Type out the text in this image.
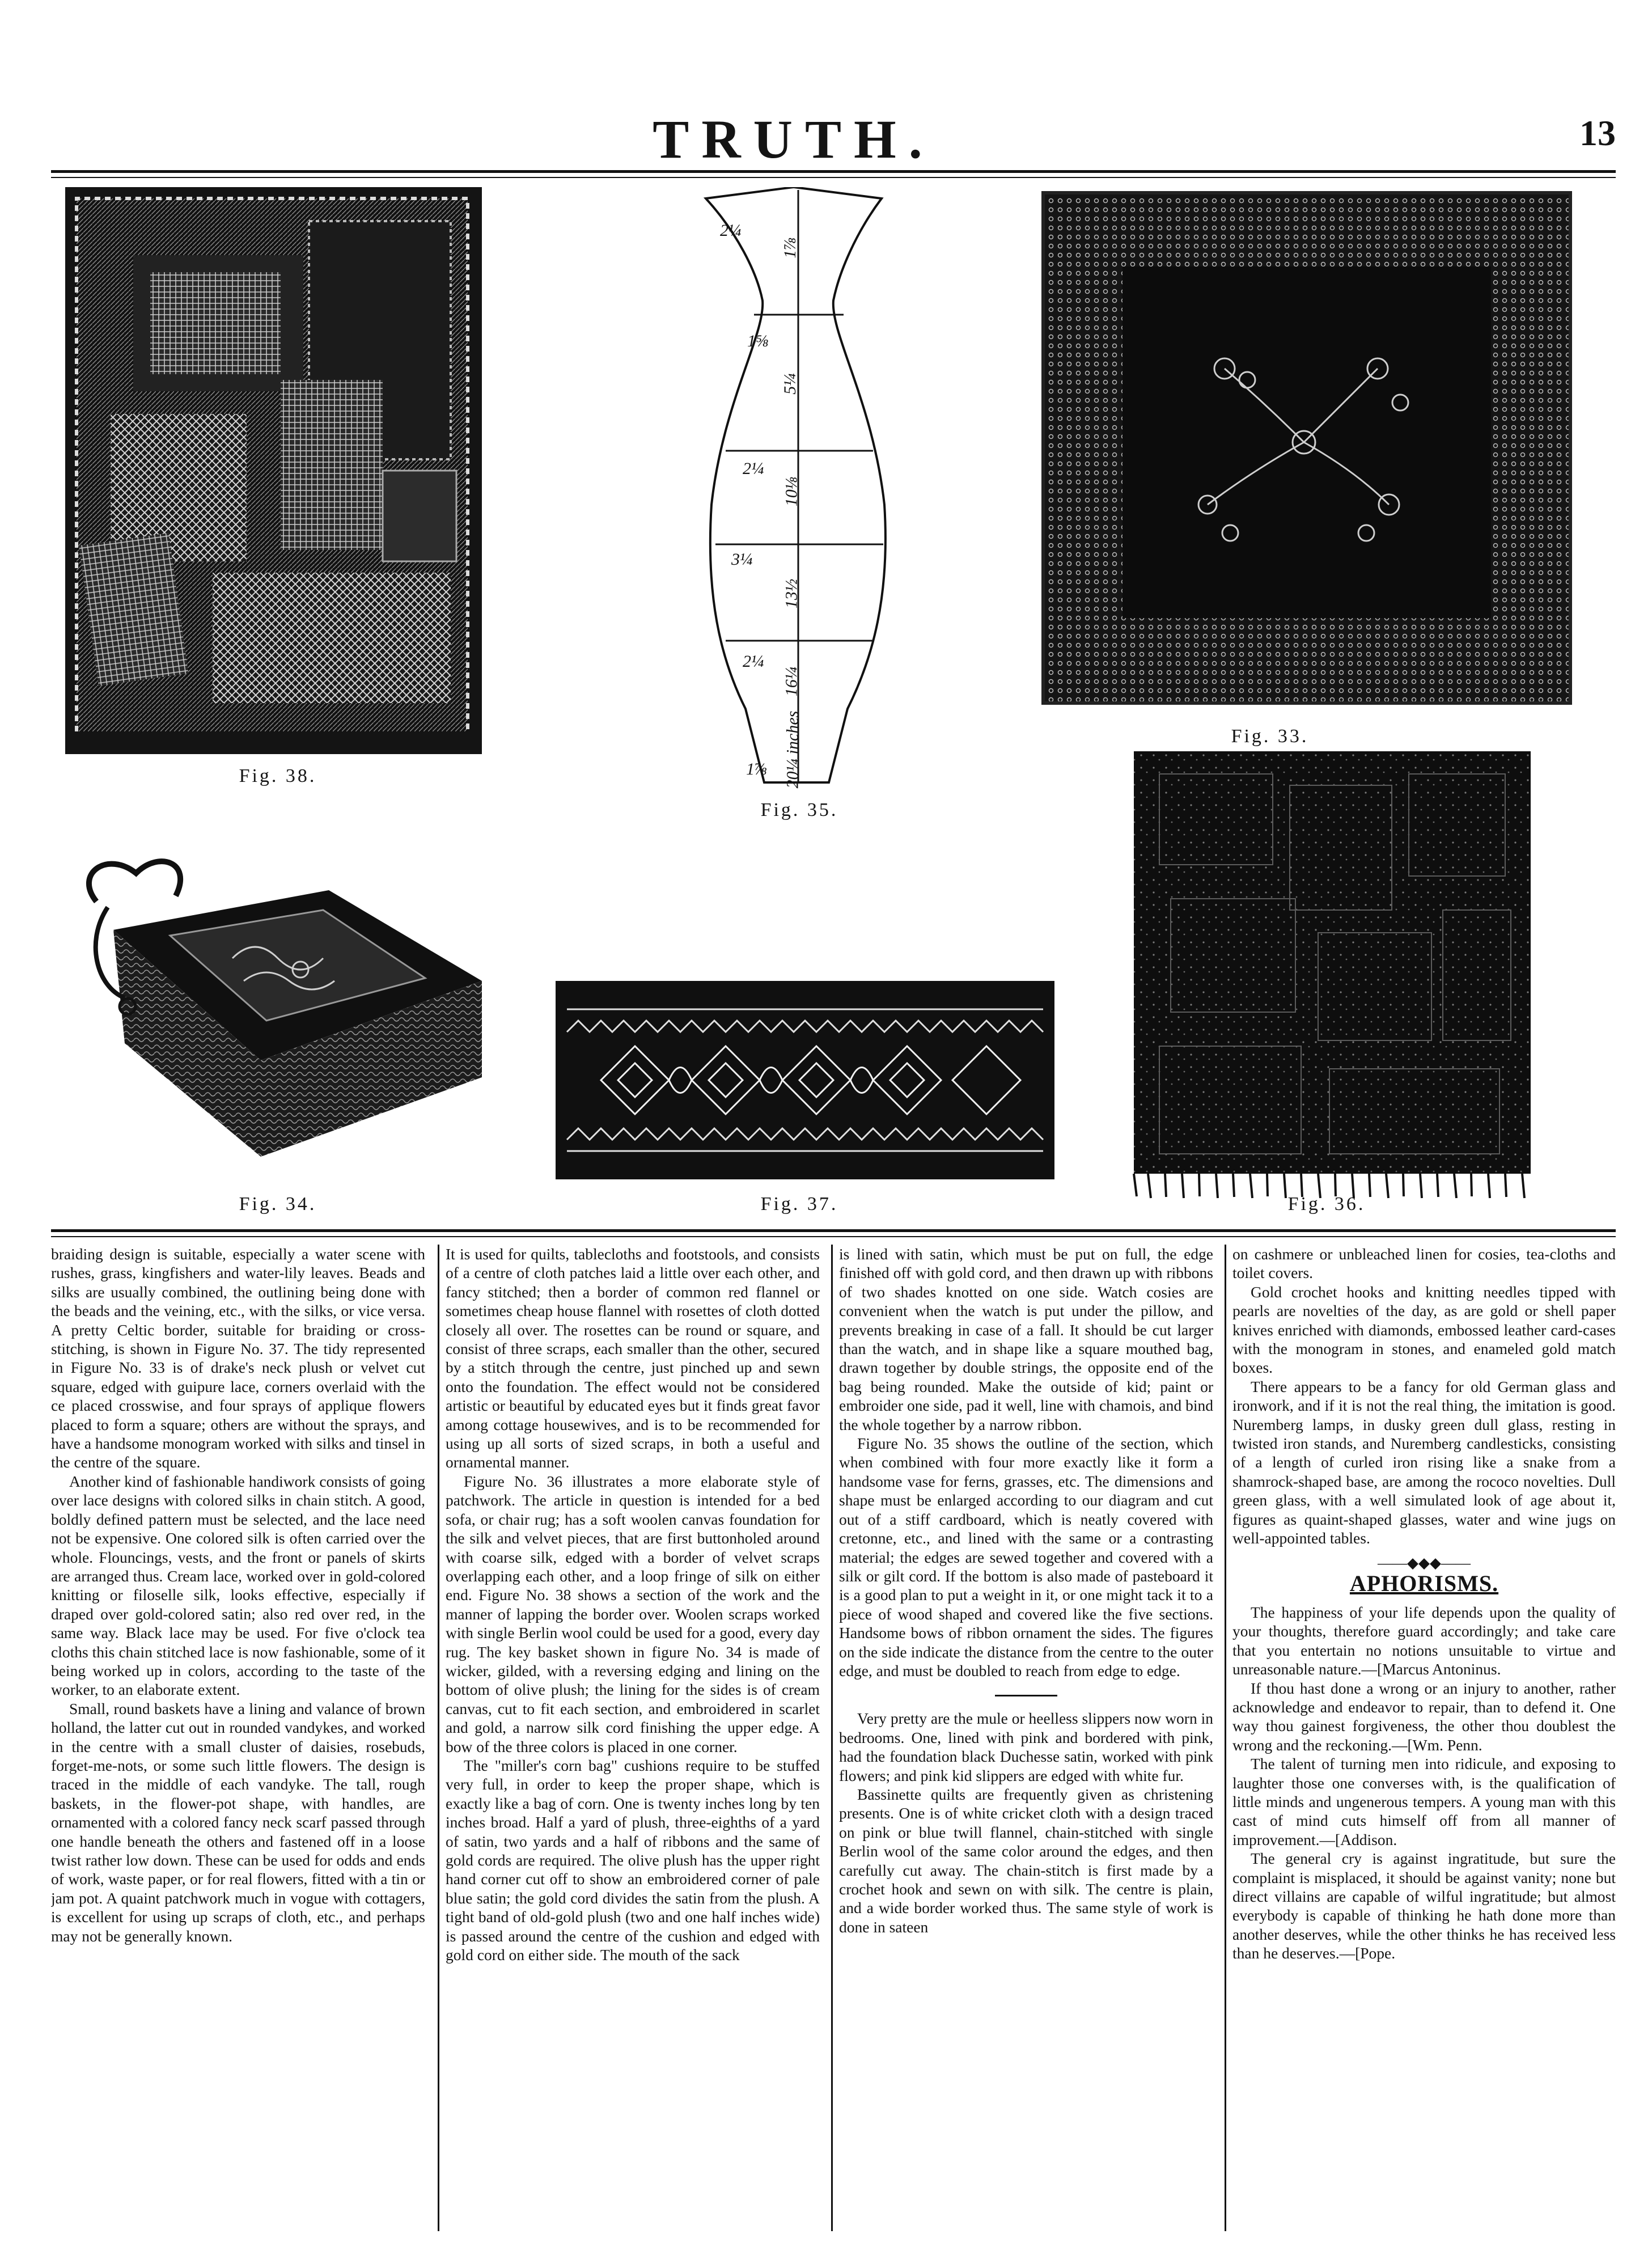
TRUTH.	13
Fig. 38.
2¼
1⅝
2¼
3¼
2¼
1⅞
1⅞
5¼
10⅛
13½
16¼
20¼ inches
Fig. 35.
Fig. 33.
Fig. 34.	Fig. 37.	Fig. 36.

braiding design is suitable, especially a water scene with rushes, grass, kingfishers and water-lily leaves. Beads and silks are usually combined, the outlining being done with the beads and the veining, etc., with the silks, or vice versa. A pretty Celtic border, suitable for braiding or cross-stitching, is shown in Figure No. 37. The tidy represented in Figure No. 33 is of drake's neck plush or velvet cut square, edged with guipure lace, corners overlaid with the ce placed crosswise, and four sprays of applique flowers placed to form a square; others are without the sprays, and have a handsome monogram worked with silks and tinsel in the centre of the square.

Another kind of fashionable handiwork consists of going over lace designs with colored silks in chain stitch. A good, boldly defined pattern must be selected, and the lace need not be expensive. One colored silk is often carried over the whole. Flouncings, vests, and the front or panels of skirts are arranged thus. Cream lace, worked over in gold-colored knitting or filoselle silk, looks effective, especially if draped over gold-colored satin; also red over red, in the same way. Black lace may be used. For five o'clock tea cloths this chain stitched lace is now fashionable, some of it being worked up in colors, according to the taste of the worker, to an elaborate extent.

Small, round baskets have a lining and valance of brown holland, the latter cut out in rounded vandykes, and worked in the centre with a small cluster of daisies, rosebuds, forget-me-nots, or some such little flowers. The design is traced in the middle of each vandyke. The tall, rough baskets, in the flower-pot shape, with handles, are ornamented with a colored fancy neck scarf passed through one handle beneath the others and fastened off in a loose twist rather low down. These can be used for odds and ends of work, waste paper, or for real flowers, fitted with a tin or jam pot. A quaint patchwork much in vogue with cottagers, is excellent for using up scraps of cloth, etc., and perhaps may not be generally known.

It is used for quilts, tablecloths and footstools, and consists of a centre of cloth patches laid a little over each other, and fancy stitched; then a border of common red flannel or sometimes cheap house flannel with rosettes of cloth dotted closely all over. The rosettes can be round or square, and consist of three scraps, each smaller than the other, secured by a stitch through the centre, just pinched up and sewn onto the foundation. The effect would not be considered artistic or beautiful by educated eyes but it finds great favor among cottage housewives, and is to be recommended for using up all sorts of sized scraps, in both a useful and ornamental manner.

Figure No. 36 illustrates a more elaborate style of patchwork. The article in question is intended for a bed sofa, or chair rug; has a soft woolen canvas foundation for the silk and velvet pieces, that are first buttonholed around with coarse silk, edged with a border of velvet scraps overlapping each other, and a loop fringe of silk on either end. Figure No. 38 shows a section of the work and the manner of lapping the border over. Woolen scraps worked with single Berlin wool could be used for a good, every day rug. The key basket shown in figure No. 34 is made of wicker, gilded, with a reversing edging and lining on the bottom of olive plush; the lining for the sides is of cream canvas, cut to fit each section, and embroidered in scarlet and gold, a narrow silk cord finishing the upper edge. A bow of the three colors is placed in one corner.

The "miller's corn bag" cushions require to be stuffed very full, in order to keep the proper shape, which is exactly like a bag of corn. One is twenty inches long by ten inches broad. Half a yard of plush, three-eighths of a yard of satin, two yards and a half of ribbons and the same of gold cords are required. The olive plush has the upper right hand corner cut off to show an embroidered corner of pale blue satin; the gold cord divides the satin from the plush. A tight band of old-gold plush (two and one half inches wide) is passed around the centre of the cushion and edged with gold cord on either side. The mouth of the sack

is lined with satin, which must be put on full, the edge finished off with gold cord, and then drawn up with ribbons of two shades knotted on one side. Watch cosies are convenient when the watch is put under the pillow, and prevents breaking in case of a fall. It should be cut larger than the watch, and in shape like a square mouthed bag, drawn together by double strings, the opposite end of the bag being rounded. Make the outside of kid; paint or embroider one side, pad it well, line with chamois, and bind the whole together by a narrow ribbon.

Figure No. 35 shows the outline of the section, which when combined with four more exactly like it form a handsome vase for ferns, grasses, etc. The dimensions and shape must be enlarged according to our diagram and cut out of a stiff cardboard, which is neatly covered with cretonne, etc., and lined with the same or a contrasting material; the edges are sewed together and covered with a silk or gilt cord. If the bottom is also made of pasteboard it is a good plan to put a weight in it, or one might tack it to a piece of wood shaped and covered like the five sections. Handsome bows of ribbon ornament the sides. The figures on the side indicate the distance from the centre to the outer edge, and must be doubled to reach from edge to edge.

Very pretty are the mule or heelless slippers now worn in bedrooms. One, lined with pink and bordered with pink, had the foundation black Duchesse satin, worked with pink flowers; and pink kid slippers are edged with white fur.

Bassinette quilts are frequently given as christening presents. One is of white cricket cloth with a design traced on pink or blue twill flannel, chain-stitched with single Berlin wool of the same color around the edges, and then carefully cut away. The chain-stitch is first made by a crochet hook and sewn on with silk. The centre is plain, and a wide border worked thus. The same style of work is done in sateen

on cashmere or unbleached linen for cosies, tea-cloths and toilet covers.

Gold crochet hooks and knitting needles tipped with pearls are novelties of the day, as are gold or shell paper knives enriched with diamonds, embossed leather card-cases with the monogram in stones, and enameled gold match boxes.

There appears to be a fancy for old German glass and ironwork, and if it is not the real thing, the imitation is good. Nuremberg lamps, in dusky green dull glass, resting in twisted iron stands, and Nuremberg candlesticks, consisting of a length of curled iron rising like a snake from a shamrock-shaped base, are among the rococo novelties. Dull green glass, with a well simulated look of age about it, figures as quaint-shaped glasses, water and wine jugs on well-appointed tables.

——◆◆◆——
APHORISMS.

The happiness of your life depends upon the quality of your thoughts, therefore guard accordingly; and take care that you entertain no notions unsuitable to virtue and unreasonable nature.—[Marcus Antoninus.

If thou hast done a wrong or an injury to another, rather acknowledge and endeavor to repair, than to defend it. One way thou gainest forgiveness, the other thou doublest the wrong and the reckoning.—[Wm. Penn.

The talent of turning men into ridicule, and exposing to laughter those one converses with, is the qualification of little minds and ungenerous tempers. A young man with this cast of mind cuts himself off from all manner of improvement.—[Addison.

The general cry is against ingratitude, but sure the complaint is misplaced, it should be against vanity; none but direct villains are capable of wilful ingratitude; but almost everybody is capable of thinking he hath done more than another deserves, while the other thinks he has received less than he deserves.—[Pope.
